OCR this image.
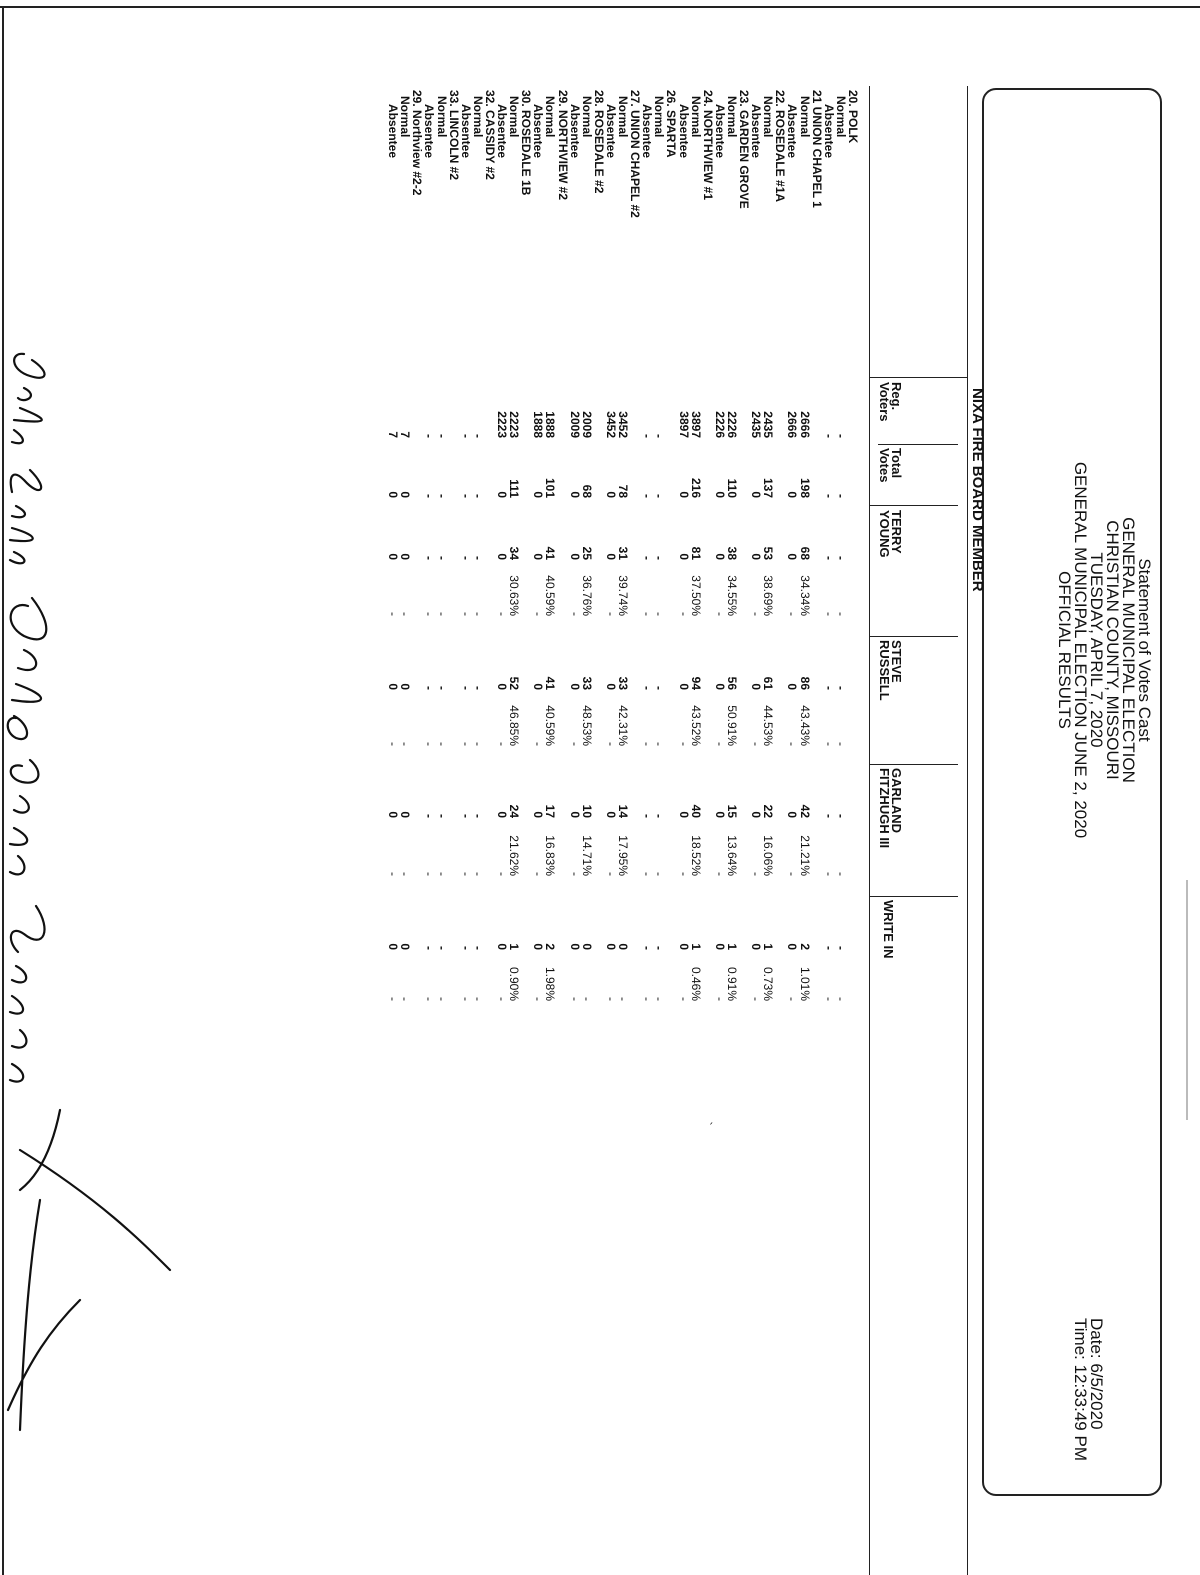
ˏ
Statement of Votes Cast
GENERAL MUNICIPAL ELECTION
CHRISTIAN COUNTY, MISSOURI
TUESDAY, APRIL 7, 2020
GENERAL MUNICIPAL ELECTION JUNE 2, 2020
OFFICIAL RESULTS
Date: 6/5/2020
Time: 12:33:49 PM
NIXA FIRE BOARD MEMBER
Reg.
Voters
Total
Votes
TERRY
YOUNG
STEVE
RUSSELL
GARLAND
FITZHUGH III
WRITE IN
20. POLK
Normal
-
-
-
-
-
-
-
-
-
-
Absentee
-
-
-
-
-
-
-
-
-
-
21 UNION CHAPEL 1
Normal
2666
198
68
34.34%
86
43.43%
42
21.21%
2
1.01%
Absentee
2666
0
0
-
0
-
0
-
0
-
22. ROSEDALE #1A
Normal
2435
137
53
38.69%
61
44.53%
22
16.06%
1
0.73%
Absentee
2435
0
0
-
0
-
0
-
0
-
23. GARDEN GROVE
Normal
2226
110
38
34.55%
56
50.91%
15
13.64%
1
0.91%
Absentee
2226
0
0
-
0
-
0
-
0
-
24. NORTHVIEW #1
Normal
3897
216
81
37.50%
94
43.52%
40
18.52%
1
0.46%
Absentee
3897
0
0
-
0
-
0
-
0
-
26. SPARTA
Normal
-
-
-
-
-
-
-
-
-
-
Absentee
-
-
-
-
-
-
-
-
-
-
27. UNION CHAPEL #2
Normal
3452
78
31
39.74%
33
42.31%
14
17.95%
0
-
Absentee
3452
0
0
-
0
-
0
-
0
-
28. ROSEDALE #2
Normal
2009
68
25
36.76%
33
48.53%
10
14.71%
0
-
Absentee
2009
0
0
-
0
-
0
-
0
-
29. NORTHVIEW #2
Normal
1888
101
41
40.59%
41
40.59%
17
16.83%
2
1.98%
Absentee
1888
0
0
-
0
-
0
-
0
-
30. ROSEDALE 1B
Normal
2223
111
34
30.63%
52
46.85%
24
21.62%
1
0.90%
Absentee
2223
0
0
-
0
-
0
-
0
-
32. CASSIDY #2
Normal
-
-
-
-
-
-
-
-
-
-
Absentee
-
-
-
-
-
-
-
-
-
-
33. LINCOLN #2
Normal
-
-
-
-
-
-
-
-
-
-
Absentee
-
-
-
-
-
-
-
-
-
-
29. Northview #2-2
Normal
7
0
0
-
0
-
0
-
0
-
Absentee
7
0
0
-
0
-
0
-
0
-
